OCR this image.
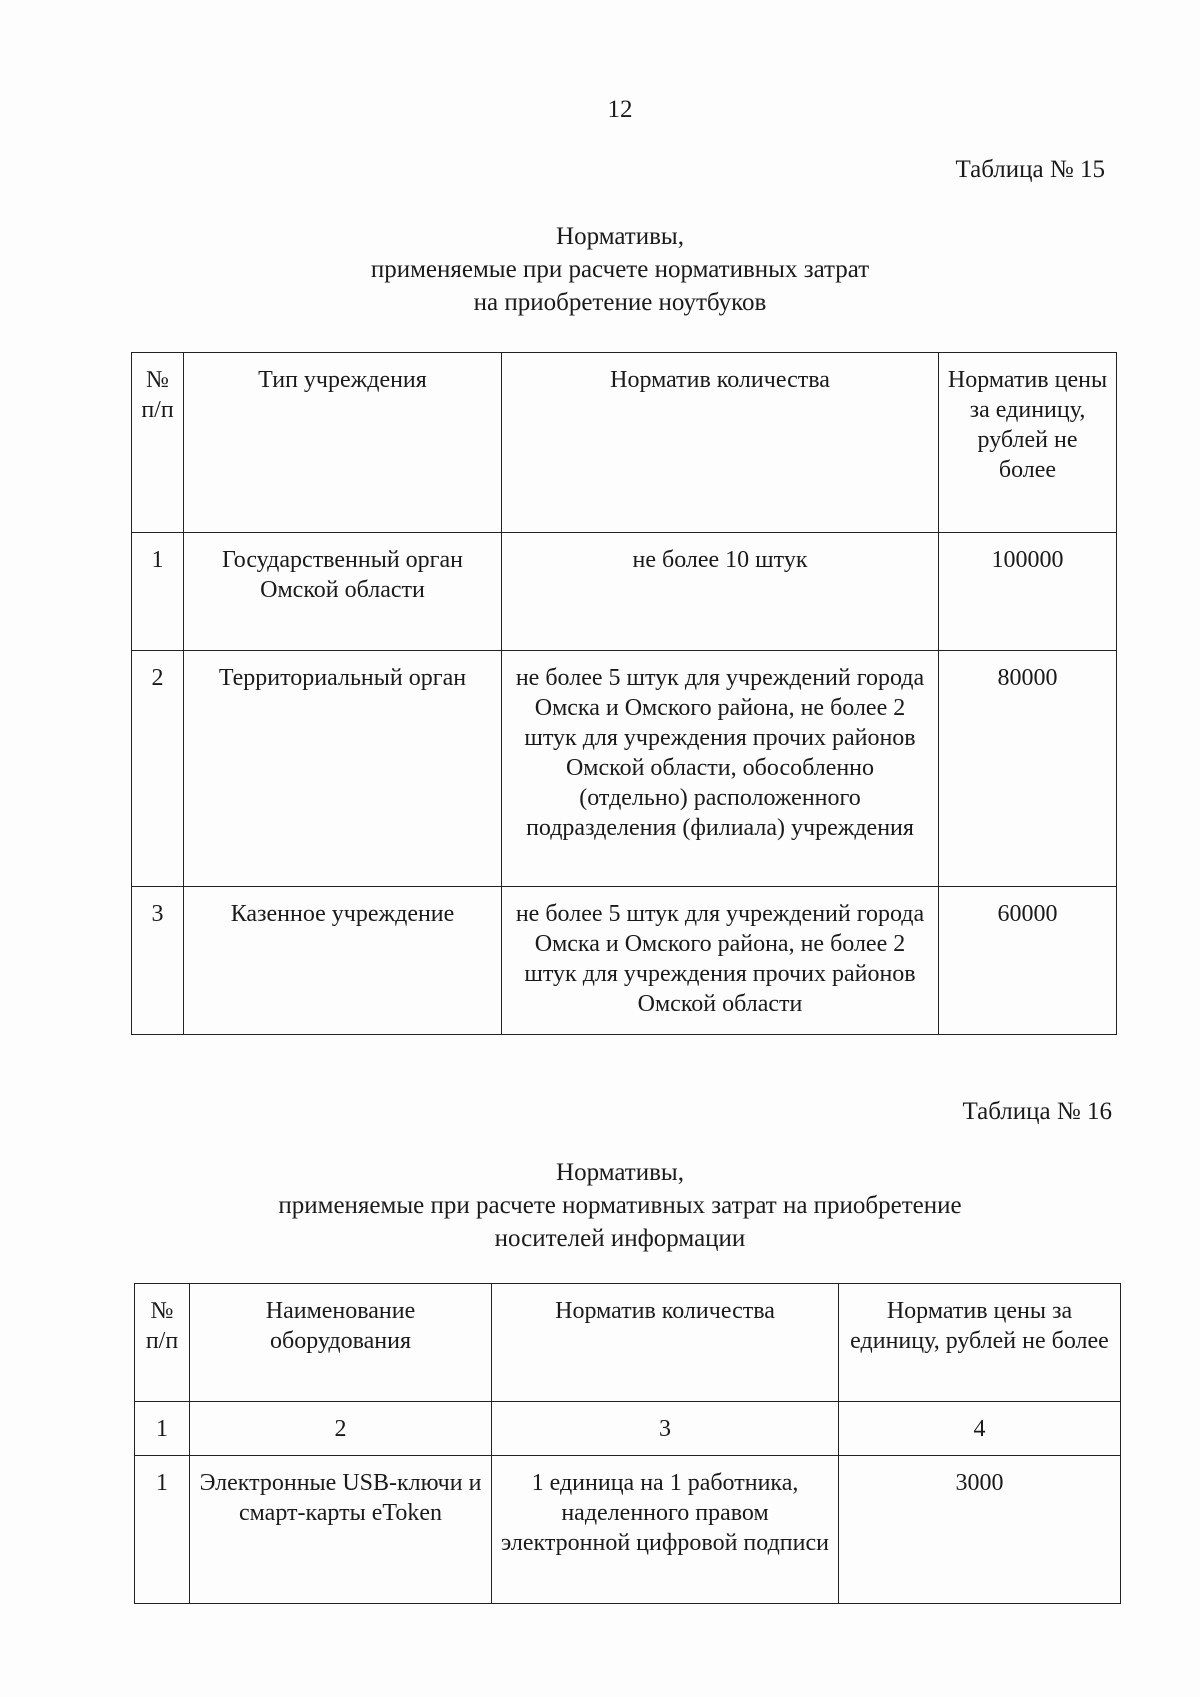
12
Таблица № 15
Нормативы,
применяемые при расчете нормативных затрат
на приобретение ноутбуков
№ п/п	Тип учреждения	Норматив количества	Норматив цены за единицу, рублей не более
1	Государственный орган Омской области	не более 10 штук	100000
2	Территориальный орган	не более 5 штук для учреждений города Омска и Омского района, не более 2 штук для учреждения прочих районов Омской области, обособленно (отдельно) расположенного подразделения (филиала) учреждения	80000
3	Казенное учреждение	не более 5 штук для учреждений города Омска и Омского района, не более 2 штук для учреждения прочих районов Омской области	60000
Таблица № 16
Нормативы,
применяемые при расчете нормативных затрат на приобретение
носителей информации
№ п/п	Наименование оборудования	Норматив количества	Норматив цены за единицу, рублей не более
1	2	3	4
1	Электронные USB-ключи и смарт-карты eToken	1 единица на 1 работника, наделенного правом электронной цифровой подписи	3000
